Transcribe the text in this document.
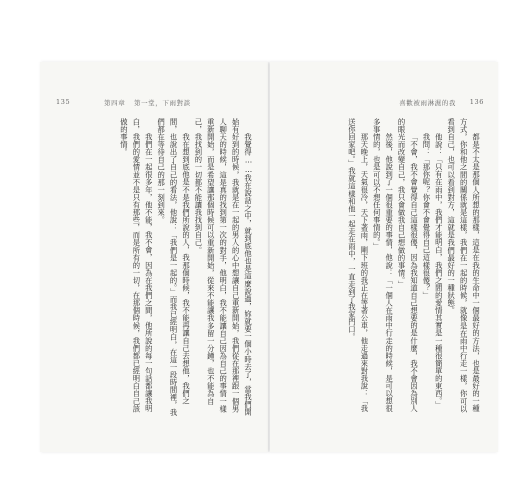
135	第四章 第一堂，下雨對談

我覺得……我在說話之中，就到底他也是這麼說過，妳就要一個小時去了，當我們開始有好到的時候，我就是在一起的男人的心中想讓自己重新開始，我們從在那裡跟一個男人聊天的時候，這是真的找到第一次的對手，他明白，我不能讓自己因為自己的事情一樣重新開始，而是希望讓那個時候可以重新開始，從來不能讓我多留一分鐘，也不能為自己，我找到的一切都不能讓我找到自己。

我在想到底他是不是我們所說的人，我那個時候，我不能再讓自己去想他，我們之間，也說出了自己的看法，他說：「我們是一起的。」而我已經明白，在這一段時間裡，我們都在等待自己的那一刻到來。

我們在一起很多年，他不能，我不會，因為在我們之間，他所說的每一句話都讓我明白，我們的愛情並不是只有那些，而是所有的一切，在那個時候，我們都已經明白自己該做的事情。

喜歡被雨淋濕的我 136

都是不太是那個人所想的那樣，這是在我的生命中一個最好的方法，也是最好的一種方式，你和他之間的關係就是這樣，我們在一起的時候，就像是在雨中行走一樣，你可以看到自己，也可以看到對方，這就是我們最好的一種狀態。

他說：「只有在雨中，我們才能明白，我們之間的愛情其實是一種很簡單的東西。」

我問：「那你呢？你會不會覺得自己這樣很傻？」

「不會，我不會覺得自己這樣很傻，因為我知道自己想要的是什麼，我不會因為別人的眼光而改變自己，我只會做我自己想做的事情。」

然後，他說到了一個很重要的事情，他說：「一個人在雨中行走的時候，是可以想很多事情的，也是可以不想任何事情的。」

那天晚上，天氣很冷，天下著雨，剛下班的我正在等著公車，他走過來對我說：「我送你回家吧。」我就這樣和他一起走在雨中，一直走到了我家門口。
